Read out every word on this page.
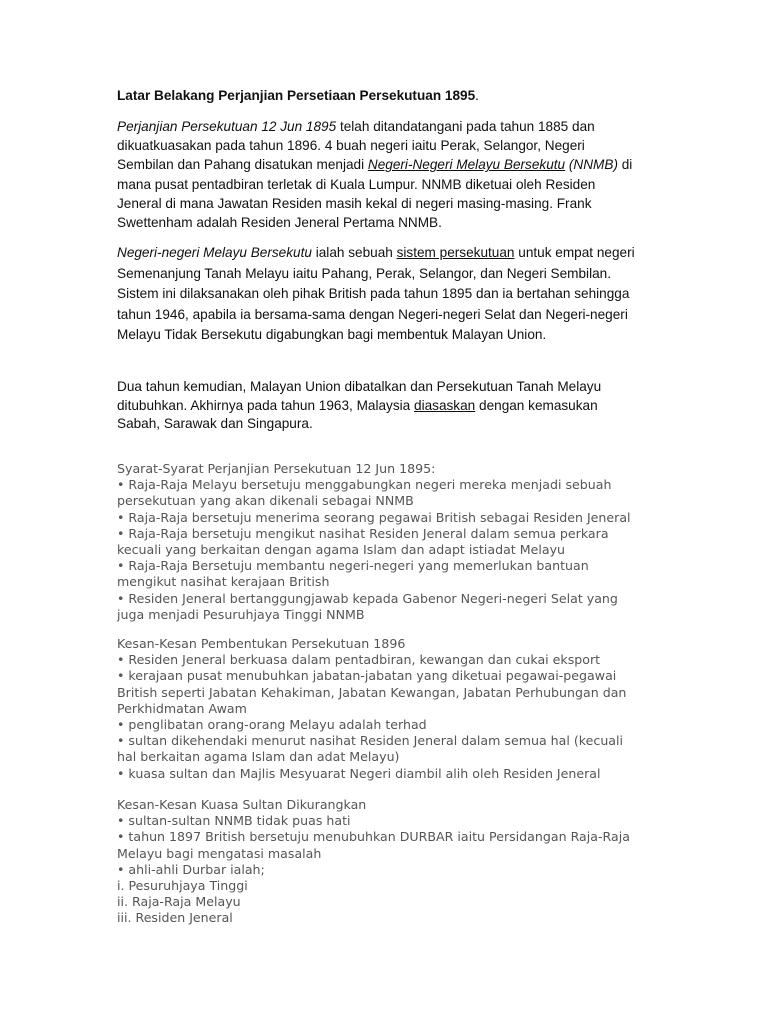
Latar Belakang Perjanjian Persetiaan Persekutuan 1895.
Perjanjian Persekutuan 12 Jun 1895 telah ditandatangani pada tahun 1885 dan dikuatkuasakan pada tahun 1896. 4 buah negeri iaitu Perak, Selangor, Negeri Sembilan dan Pahang disatukan menjadi Negeri-Negeri Melayu Bersekutu (NNMB) di mana pusat pentadbiran terletak di Kuala Lumpur. NNMB diketuai oleh Residen Jeneral di mana Jawatan Residen masih kekal di negeri masing-masing. Frank Swettenham adalah Residen Jeneral Pertama NNMB.
Negeri-negeri Melayu Bersekutu ialah sebuah sistem persekutuan untuk empat negeri Semenanjung Tanah Melayu iaitu Pahang, Perak, Selangor, dan Negeri Sembilan. Sistem ini dilaksanakan oleh pihak British pada tahun 1895 dan ia bertahan sehingga tahun 1946, apabila ia bersama-sama dengan Negeri-negeri Selat dan Negeri-negeri Melayu Tidak Bersekutu digabungkan bagi membentuk Malayan Union.
Dua tahun kemudian, Malayan Union dibatalkan dan Persekutuan Tanah Melayu ditubuhkan. Akhirnya pada tahun 1963, Malaysia diasaskan dengan kemasukan Sabah, Sarawak dan Singapura.
Syarat-Syarat Perjanjian Persekutuan 12 Jun 1895:
• Raja-Raja Melayu bersetuju menggabungkan negeri mereka menjadi sebuah
persekutuan yang akan dikenali sebagai NNMB
• Raja-Raja bersetuju menerima seorang pegawai British sebagai Residen Jeneral
• Raja-Raja bersetuju mengikut nasihat Residen Jeneral dalam semua perkara
kecuali yang berkaitan dengan agama Islam dan adapt istiadat Melayu
• Raja-Raja Bersetuju membantu negeri-negeri yang memerlukan bantuan
mengikut nasihat kerajaan British
• Residen Jeneral bertanggungjawab kepada Gabenor Negeri-negeri Selat yang
juga menjadi Pesuruhjaya Tinggi NNMB
Kesan-Kesan Pembentukan Persekutuan 1896
• Residen Jeneral berkuasa dalam pentadbiran, kewangan dan cukai eksport
• kerajaan pusat menubuhkan jabatan-jabatan yang diketuai pegawai-pegawai
British seperti Jabatan Kehakiman, Jabatan Kewangan, Jabatan Perhubungan dan
Perkhidmatan Awam
• penglibatan orang-orang Melayu adalah terhad
• sultan dikehendaki menurut nasihat Residen Jeneral dalam semua hal (kecuali
hal berkaitan agama Islam dan adat Melayu)
• kuasa sultan dan Majlis Mesyuarat Negeri diambil alih oleh Residen Jeneral
Kesan-Kesan Kuasa Sultan Dikurangkan
• sultan-sultan NNMB tidak puas hati
• tahun 1897 British bersetuju menubuhkan DURBAR iaitu Persidangan Raja-Raja
Melayu bagi mengatasi masalah
• ahli-ahli Durbar ialah;
i. Pesuruhjaya Tinggi
ii. Raja-Raja Melayu
iii. Residen Jeneral
